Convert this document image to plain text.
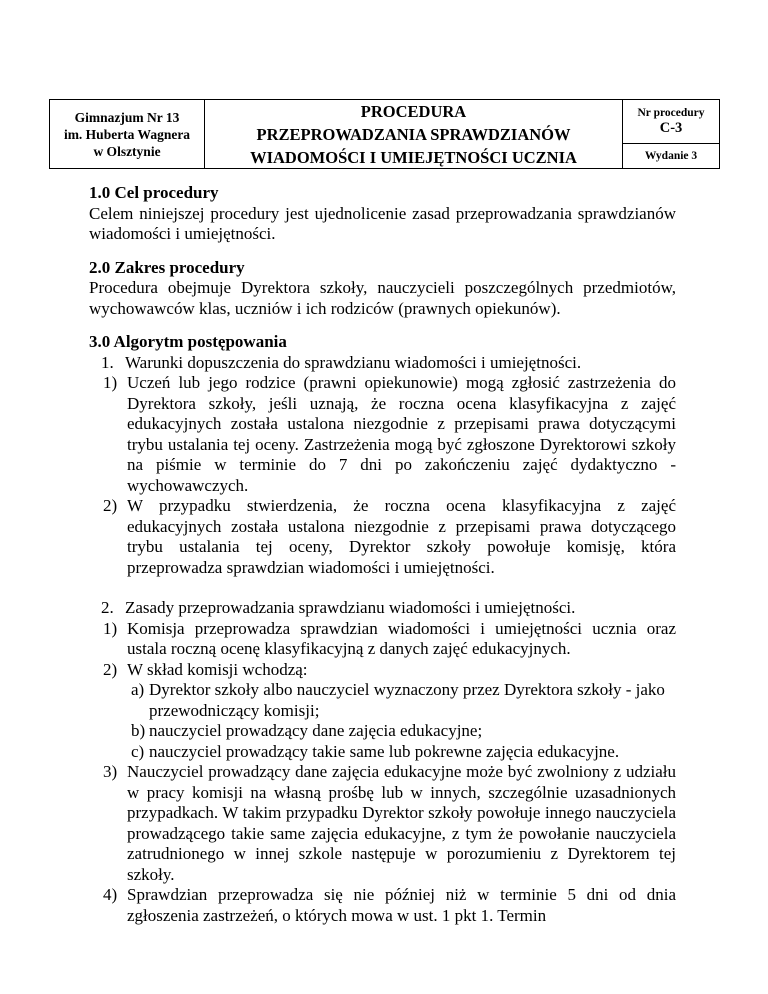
Gimnazjum Nr 13
im. Huberta Wagnera
w Olsztynie
PROCEDURA
PRZEPROWADZANIA SPRAWDZIANÓW
WIADOMOŚCI I UMIEJĘTNOŚCI UCZNIA
Nr procedury
C-3
Wydanie 3
1.0 Cel procedury

Celem niniejszej procedury jest ujednolicenie zasad przeprowadzania sprawdzianów wiadomości i umiejętności.

2.0 Zakres procedury

Procedura obejmuje Dyrektora szkoły, nauczycieli poszczególnych przedmiotów, wychowawców klas, uczniów i ich rodziców (prawnych opiekunów).

3.0 Algorytm postępowania
1. Warunki dopuszczenia do sprawdzianu wiadomości i umiejętności.
1) Uczeń lub jego rodzice (prawni opiekunowie) mogą zgłosić zastrzeżenia do Dyrektora szkoły, jeśli uznają, że roczna ocena klasyfikacyjna z zajęć edukacyjnych została ustalona niezgodnie z przepisami prawa dotyczącymi trybu ustalania tej oceny. Zastrzeżenia mogą być zgłoszone Dyrektorowi szkoły na piśmie w terminie do 7 dni po zakończeniu zajęć dydaktyczno - wychowawczych.
2) W przypadku stwierdzenia, że roczna ocena klasyfikacyjna z zajęć edukacyjnych została ustalona niezgodnie z przepisami prawa dotyczącego trybu ustalania tej oceny, Dyrektor szkoły powołuje komisję, która przeprowadza sprawdzian wiadomości i umiejętności.
2. Zasady przeprowadzania sprawdzianu wiadomości i umiejętności.
1) Komisja przeprowadza sprawdzian wiadomości i umiejętności ucznia oraz ustala roczną ocenę klasyfikacyjną z danych zajęć edukacyjnych.
2) W skład komisji wchodzą:
a) Dyrektor szkoły albo nauczyciel wyznaczony przez Dyrektora szkoły - jako przewodniczący komisji;
b) nauczyciel prowadzący dane zajęcia edukacyjne;
c) nauczyciel prowadzący takie same lub pokrewne zajęcia edukacyjne.
3) Nauczyciel prowadzący dane zajęcia edukacyjne może być zwolniony z udziału w pracy komisji na własną prośbę lub w innych, szczególnie uzasadnionych przypadkach. W takim przypadku Dyrektor szkoły powołuje innego nauczyciela prowadzącego takie same zajęcia edukacyjne, z tym że powołanie nauczyciela zatrudnionego w innej szkole następuje w porozumieniu z Dyrektorem tej szkoły.
4) Sprawdzian przeprowadza się nie później niż w terminie 5 dni od dnia zgłoszenia zastrzeżeń, o których mowa w ust. 1 pkt 1. Termin
